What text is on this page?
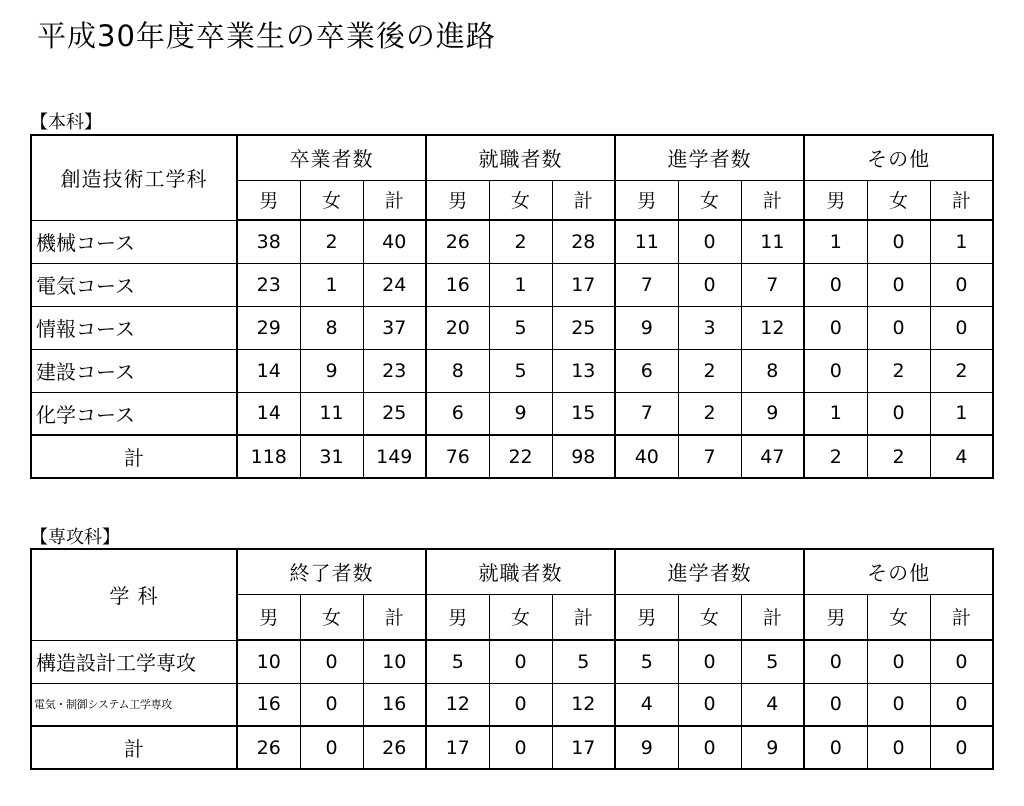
平成30年度卒業生の卒業後の進路
【本科】
創造技術工学科	卒業者数			就職者数			進学者数			その他		
	男	女	計	男	女	計	男	女	計	男	女	計
機械コース	38	2	40	26	2	28	11	0	11	1	0	1
電気コース	23	1	24	16	1	17	7	0	7	0	0	0
情報コース	29	8	37	20	5	25	9	3	12	0	0	0
建設コース	14	9	23	8	5	13	6	2	8	0	2	2
化学コース	14	11	25	6	9	15	7	2	9	1	0	1
計	118	31	149	76	22	98	40	7	47	2	2	4
【専攻科】
学 科	終了者数			就職者数			進学者数			その他		
	男	女	計	男	女	計	男	女	計	男	女	計
構造設計工学専攻	10	0	10	5	0	5	5	0	5	0	0	0
電気・制御システム工学専攻	16	0	16	12	0	12	4	0	4	0	0	0
計	26	0	26	17	0	17	9	0	9	0	0	0
